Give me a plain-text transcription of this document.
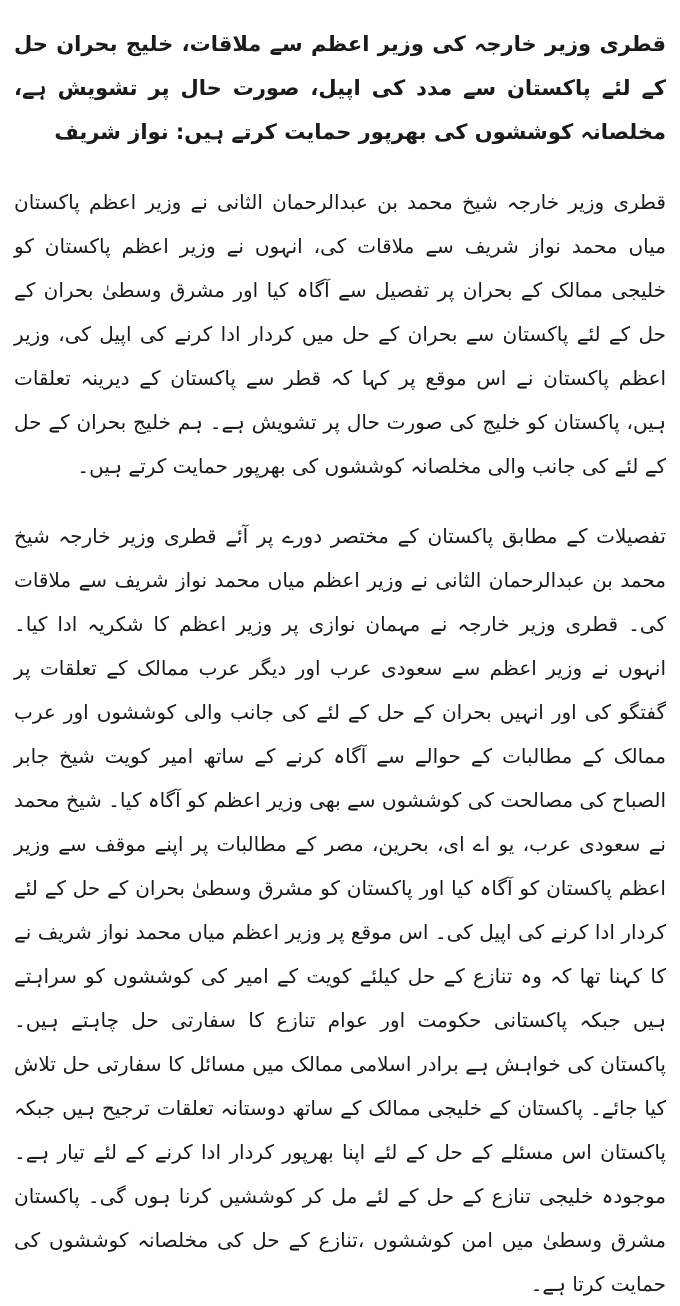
قطری وزیر خارجہ کی وزیر اعظم سے ملاقات، خلیج بحران حل کے لئے پاکستان سے مدد کی اپیل، صورت حال پر تشویش ہے، مخلصانہ کوششوں کی بھرپور حمایت کرتے ہیں: نواز شریف

قطری وزیر خارجہ شیخ محمد بن عبدالرحمان الثانی نے وزیر اعظم پاکستان میاں محمد نواز شریف سے ملاقات کی، انہوں نے وزیر اعظم پاکستان کو خلیجی ممالک کے بحران پر تفصیل سے آگاہ کیا اور مشرق وسطیٰ بحران کے حل کے لئے پاکستان سے بحران کے حل میں کردار ادا کرنے کی اپیل کی، وزیر اعظم پاکستان نے اس موقع پر کہا کہ قطر سے پاکستان کے دیرینہ تعلقات ہیں، پاکستان کو خلیج کی صورت حال پر تشویش ہے۔ ہم خلیج بحران کے حل کے لئے کی جانب والی مخلصانہ کوششوں کی بھرپور حمایت کرتے ہیں۔

تفصیلات کے مطابق پاکستان کے مختصر دورے پر آئے قطری وزیر خارجہ شیخ محمد بن عبدالرحمان الثانی نے وزیر اعظم میاں محمد نواز شریف سے ملاقات کی۔ قطری وزیر خارجہ نے مہمان نوازی پر وزیر اعظم کا شکریہ ادا کیا۔ انہوں نے وزیر اعظم سے سعودی عرب اور دیگر عرب ممالک کے تعلقات پر گفتگو کی اور انہیں بحران کے حل کے لئے کی جانب والی کوششوں اور عرب ممالک کے مطالبات کے حوالے سے آگاہ کرنے کے ساتھ امیر کویت شیخ جابر الصباح کی مصالحت کی کوششوں سے بھی وزیر اعظم کو آگاہ کیا۔ شیخ محمد نے سعودی عرب، یو اے ای، بحرین، مصر کے مطالبات پر اپنے موقف سے وزیر اعظم پاکستان کو آگاہ کیا اور پاکستان کو مشرق وسطیٰ بحران کے حل کے لئے کردار ادا کرنے کی اپیل کی۔ اس موقع پر وزیر اعظم میاں محمد نواز شریف نے کا کہنا تھا کہ وہ تنازع کے حل کیلئے کویت کے امیر کی کوششوں کو سراہتے ہیں جبکہ پاکستانی حکومت اور عوام تنازع کا سفارتی حل چاہتے ہیں۔ پاکستان کی خواہش ہے برادر اسلامی ممالک میں مسائل کا سفارتی حل تلاش کیا جائے۔ پاکستان کے خلیجی ممالک کے ساتھ دوستانہ تعلقات ترجیح ہیں جبکہ پاکستان اس مسئلے کے حل کے لئے اپنا بھرپور کردار ادا کرنے کے لئے تیار ہے۔ موجودہ خلیجی تنازع کے حل کے لئے مل کر کوششیں کرنا ہوں گی۔ پاکستان مشرق وسطیٰ میں امن کوششوں ،تنازع کے حل کی مخلصانہ کوششوں کی حمایت کرتا ہے۔
